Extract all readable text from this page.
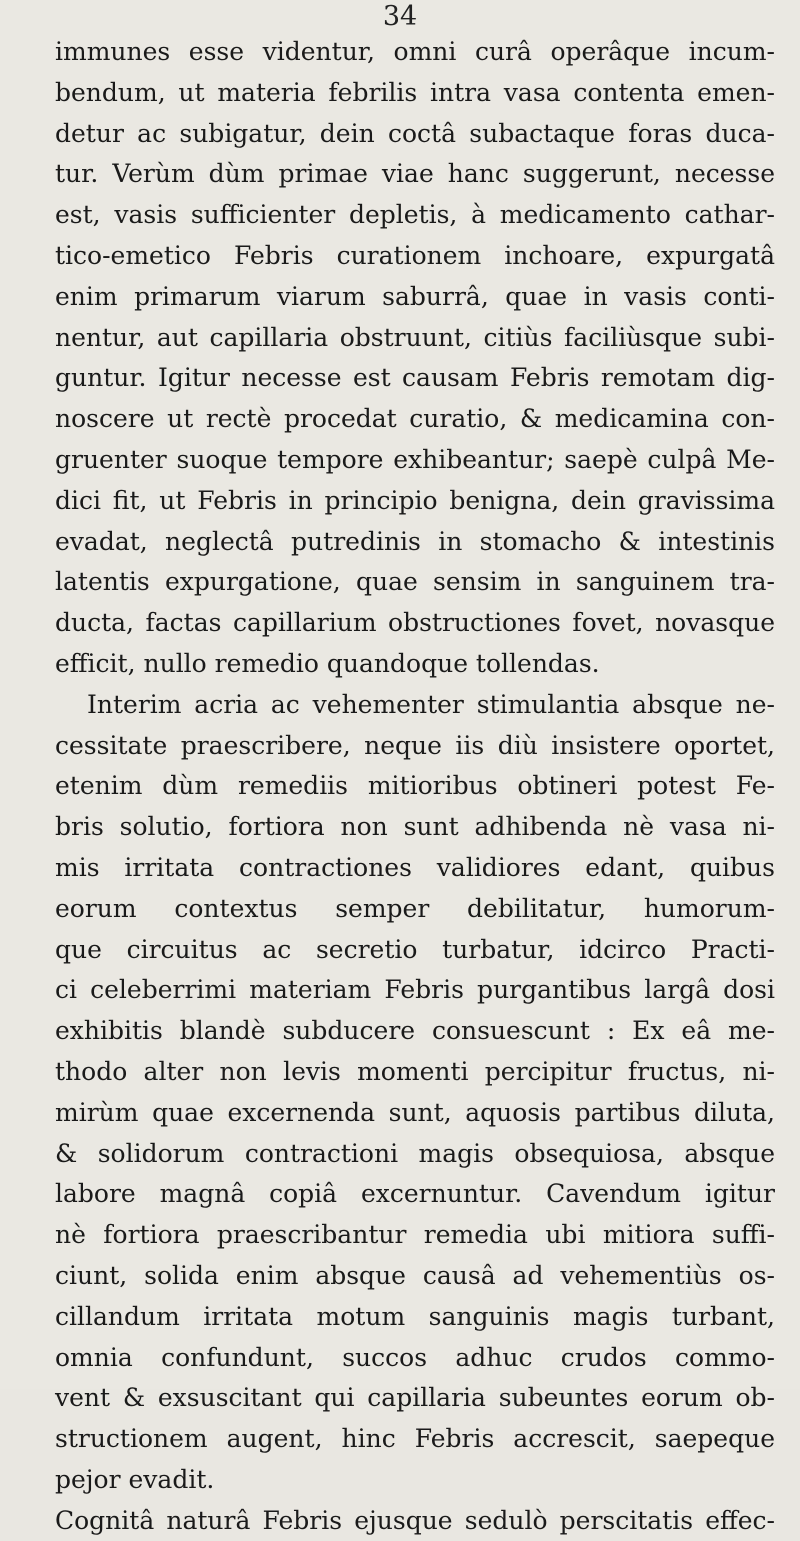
34
immunes esse videntur, omni curâ operâque incum-
bendum, ut materia febrilis intra vasa contenta emen-
detur ac subigatur, dein coctâ subactaque foras duca-
tur. Verùm dùm primae viae hanc suggerunt, necesse
est, vasis sufficienter depletis, à medicamento cathar-
tico-emetico Febris curationem inchoare, expurgatâ
enim primarum viarum saburrâ, quae in vasis conti-
nentur, aut capillaria obstruunt, citiùs faciliùsque subi-
guntur. Igitur necesse est causam Febris remotam dig-
noscere ut rectè procedat curatio, & medicamina con-
gruenter suoque tempore exhibeantur; saepè culpâ Me-
dici fit, ut Febris in principio benigna, dein gravissima
evadat, neglectâ putredinis in stomacho & intestinis
latentis expurgatione, quae sensim in sanguinem tra-
ducta, factas capillarium obstructiones fovet, novasque
efficit, nullo remedio quandoque tollendas.
Interim acria ac vehementer stimulantia absque ne-
cessitate praescribere, neque iis diù insistere oportet,
etenim dùm remediis mitioribus obtineri potest Fe-
bris solutio, fortiora non sunt adhibenda nè vasa ni-
mis irritata contractiones validiores edant, quibus
eorum contextus semper debilitatur, humorum-
que circuitus ac secretio turbatur, idcirco Practi-
ci celeberrimi materiam Febris purgantibus largâ dosi
exhibitis blandè subducere consuescunt : Ex eâ me-
thodo alter non levis momenti percipitur fructus, ni-
mirùm quae excernenda sunt, aquosis partibus diluta,
& solidorum contractioni magis obsequiosa, absque
labore magnâ copiâ excernuntur. Cavendum igitur
nè fortiora praescribantur remedia ubi mitiora suffi-
ciunt, solida enim absque causâ ad vehementiùs os-
cillandum irritata motum sanguinis magis turbant,
omnia confundunt, succos adhuc crudos commo-
vent & exsuscitant qui capillaria subeuntes eorum ob-
structionem augent, hinc Febris accrescit, saepeque
pejor evadit.
Cognitâ naturâ Febris ejusque sedulò perscitatis effec-
